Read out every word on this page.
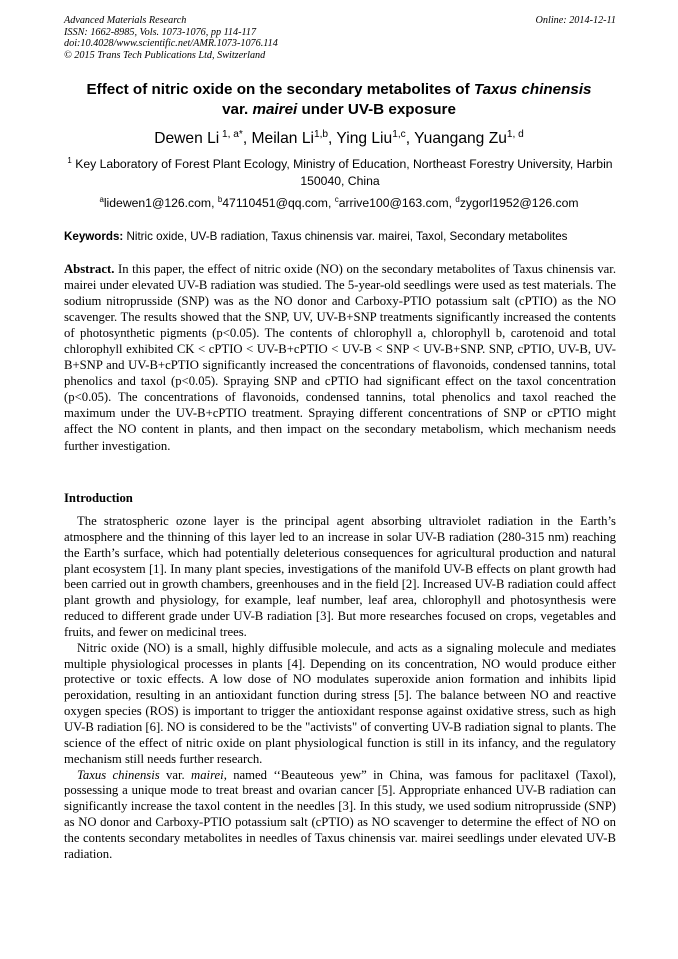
Advanced Materials Research	Online: 2014-12-11
ISSN: 1662-8985, Vols. 1073-1076, pp 114-117
doi:10.4028/www.scientific.net/AMR.1073-1076.114
© 2015 Trans Tech Publications Ltd, Switzerland
Effect of nitric oxide on the secondary metabolites of Taxus chinensis
var. mairei under UV-B exposure
Dewen Li $^{1, a*}$, Meilan Li$^{1,b}$, Ying Liu$^{1,c}$, Yuangang Zu$^{1, d}$
$^1$ Key Laboratory of Forest Plant Ecology, Ministry of Education, Northeast Forestry University, Harbin 150040, China
$^a$lidewen1@126.com, $^b$47110451@qq.com, $^c$arrive100@163.com, $^d$zygorl1952@126.com
Keywords: Nitric oxide, UV-B radiation, Taxus chinensis var. mairei, Taxol, Secondary metabolites
Abstract. In this paper, the effect of nitric oxide (NO) on the secondary metabolites of Taxus chinensis var. mairei under elevated UV-B radiation was studied. The 5-year-old seedlings were used as test materials. The sodium nitroprusside (SNP) was as the NO donor and Carboxy-PTIO potassium salt (cPTIO) as the NO scavenger. The results showed that the SNP, UV, UV-B+SNP treatments significantly increased the contents of photosynthetic pigments (p<0.05). The contents of chlorophyll a, chlorophyll b, carotenoid and total chlorophyll exhibited CK < cPTIO < UV-B+cPTIO < UV-B < SNP < UV-B+SNP. SNP, cPTIO, UV-B, UV-B+SNP and UV-B+cPTIO significantly increased the concentrations of flavonoids, condensed tannins, total phenolics and taxol (p<0.05). Spraying SNP and cPTIO had significant effect on the taxol concentration (p<0.05). The concentrations of flavonoids, condensed tannins, total phenolics and taxol reached the maximum under the UV-B+cPTIO treatment. Spraying different concentrations of SNP or cPTIO might affect the NO content in plants, and then impact on the secondary metabolism, which mechanism needs further investigation.
Introduction

The stratospheric ozone layer is the principal agent absorbing ultraviolet radiation in the Earth’s atmosphere and the thinning of this layer led to an increase in solar UV-B radiation (280-315 nm) reaching the Earth’s surface, which had potentially deleterious consequences for agricultural production and natural plant ecosystem [1]. In many plant species, investigations of the manifold UV-B effects on plant growth had been carried out in growth chambers, greenhouses and in the field [2]. Increased UV-B radiation could affect plant growth and physiology, for example, leaf number, leaf area, chlorophyll and photosynthesis were reduced to different grade under UV-B radiation [3]. But more researches focused on crops, vegetables and fruits, and fewer on medicinal trees.

Nitric oxide (NO) is a small, highly diffusible molecule, and acts as a signaling molecule and mediates multiple physiological processes in plants [4]. Depending on its concentration, NO would produce either protective or toxic effects. A low dose of NO modulates superoxide anion formation and inhibits lipid peroxidation, resulting in an antioxidant function during stress [5]. The balance between NO and reactive oxygen species (ROS) is important to trigger the antioxidant response against oxidative stress, such as high UV-B radiation [6]. NO is considered to be the "activists" of converting UV-B radiation signal to plants. The science of the effect of nitric oxide on plant physiological function is still in its infancy, and the regulatory mechanism still needs further research.

Taxus chinensis var. mairei, named ‘‘Beauteous yew” in China, was famous for paclitaxel (Taxol), possessing a unique mode to treat breast and ovarian cancer [5]. Appropriate enhanced UV-B radiation can significantly increase the taxol content in the needles [3]. In this study, we used sodium nitroprusside (SNP) as NO donor and Carboxy-PTIO potassium salt (cPTIO) as NO scavenger to determine the effect of NO on the contents secondary metabolites in needles of Taxus chinensis var. mairei seedlings under elevated UV-B radiation.
